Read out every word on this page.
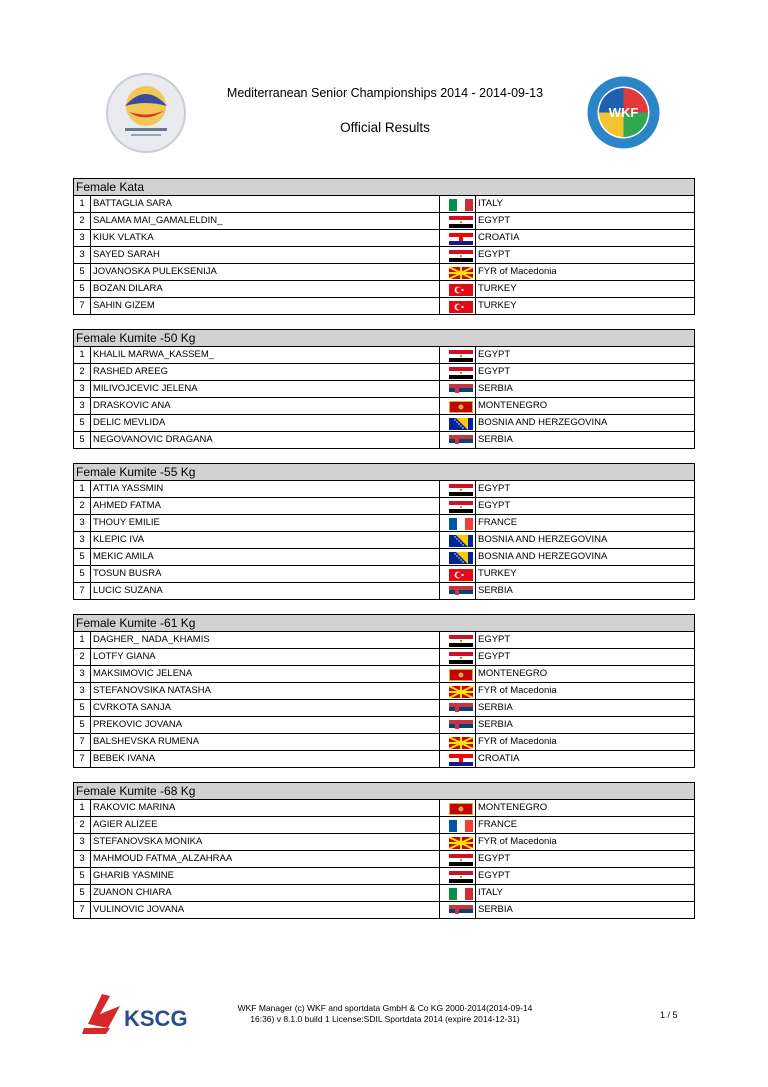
WKF
Mediterranean Senior Championships 2014 - 2014-09-13
Official Results
Female Kata
1 BATTAGLIA SARA	ITALY
2 SALAMA MAI_GAMALELDIN_	EGYPT
3 KIUK VLATKA	CROATIA
3 SAYED SARAH	EGYPT
5 JOVANOSKA PULEKSENIJA	FYR of Macedonia
5 BOZAN DILARA	TURKEY
7 SAHIN GIZEM	TURKEY
Female Kumite -50 Kg
1 KHALIL MARWA_KASSEM_	EGYPT
2 RASHED AREEG	EGYPT
3 MILIVOJCEVIC JELENA	SERBIA
3 DRASKOVIC ANA	MONTENEGRO
5 DELIC MEVLIDA	BOSNIA AND HERZEGOVINA
5 NEGOVANOVIC DRAGANA	SERBIA
Female Kumite -55 Kg
1 ATTIA YASSMIN	EGYPT
2 AHMED FATMA	EGYPT
3 THOUY EMILIE	FRANCE
3 KLEPIC IVA	BOSNIA AND HERZEGOVINA
5 MEKIC AMILA	BOSNIA AND HERZEGOVINA
5 TOSUN BUSRA	TURKEY
7 LUCIC SUZANA	SERBIA
Female Kumite -61 Kg
1 DAGHER_ NADA_KHAMIS	EGYPT
2 LOTFY GIANA	EGYPT
3 MAKSIMOVIC JELENA	MONTENEGRO
3 STEFANOVSIKA NATASHA	FYR of Macedonia
5 CVRKOTA SANJA	SERBIA
5 PREKOVIC JOVANA	SERBIA
7 BALSHEVSKA RUMENA	FYR of Macedonia
7 BEBEK IVANA	CROATIA
Female Kumite -68 Kg
1 RAKOVIC MARINA	MONTENEGRO
2 AGIER ALIZEE	FRANCE
3 STEFANOVSKA MONIKA	FYR of Macedonia
3 MAHMOUD FATMA_ALZAHRAA	EGYPT
5 GHARIB YASMINE	EGYPT
5 ZUANON CHIARA	ITALY
7 VULINOVIC JOVANA	SERBIA
KSCG	WKF Manager (c) WKF and sportdata GmbH & Co KG 2000-2014(2014-09-14
16:36) v 8.1.0 build 1 License:SDIL Sportdata 2014 (expire 2014-12-31)	1 / 5
